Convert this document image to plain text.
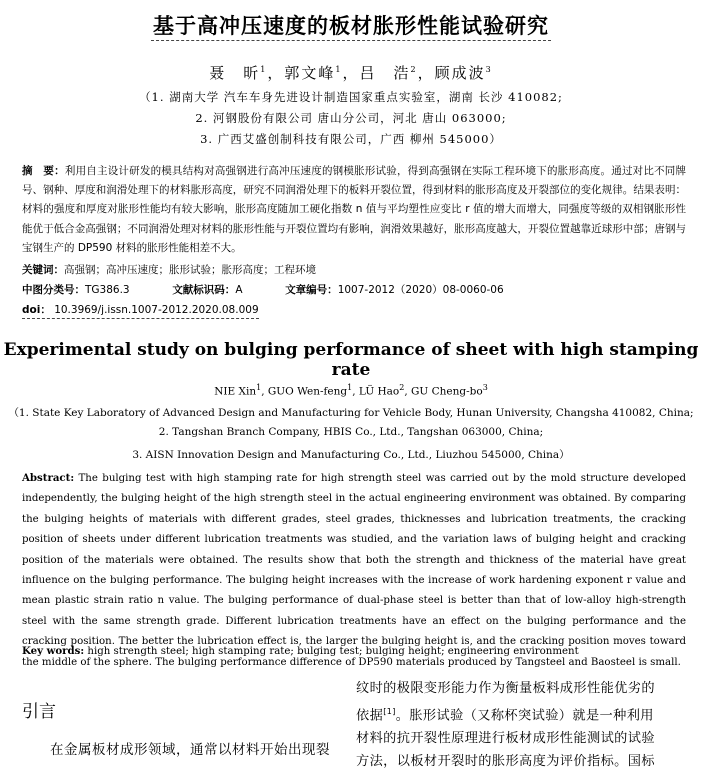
基于高冲压速度的板材胀形性能试验研究
聂　昕$^1$，郭文峰$^1$，吕　浩$^2$，顾成波$^3$
（1. 湖南大学 汽车车身先进设计制造国家重点实验室，湖南 长沙 410082;
2. 河钢股份有限公司 唐山分公司，河北 唐山 063000;
3. 广西艾盛创制科技有限公司，广西 柳州 545000）
摘　要：利用自主设计研发的模具结构对高强钢进行高冲压速度的钢模胀形试验，得到高强钢在实际工程环境下的胀形高度。通过对比不同牌号、钢种、厚度和润滑处理下的材料胀形高度，研究不同润滑处理下的板料开裂位置，得到材料的胀形高度及开裂部位的变化规律。结果表明：材料的强度和厚度对胀形性能均有较大影响，胀形高度随加工硬化指数 n 值与平均塑性应变比 r 值的增大而增大，同强度等级的双相钢胀形性能优于低合金高强钢；不同润滑处理对材料的胀形性能与开裂位置均有影响，润滑效果越好，胀形高度越大，开裂位置越靠近球形中部；唐钢与宝钢生产的 DP590 材料的胀形性能相差不大。
关键词：高强钢；高冲压速度；胀形试验；胀形高度；工程环境
中图分类号：TG386.3	文献标识码：A	文章编号：1007-2012（2020）08-0060-06
doi： 10.3969/j.issn.1007-2012.2020.08.009
Experimental study on bulging performance of sheet with high stamping rate
NIE Xin$^1$, GUO Wen-feng$^1$, LÜ Hao$^2$, GU Cheng-$bo^3$
（1. State Key Laboratory of Advanced Design and Manufacturing for Vehicle Body, Hunan University, Changsha 410082, China;
2. Tangshan Branch Company, HBIS Co., Ltd., Tangshan 063000, China;
3. AISN Innovation Design and Manufacturing Co., Ltd., Liuzhou 545000, China）
Abstract: The bulging test with high stamping rate for high strength steel was carried out by the mold structure developed independently, the bulging height of the high strength steel in the actual engineering environment was obtained. By comparing the bulging heights of materials with different grades, steel grades, thicknesses and lubrication treatments, the cracking position of sheets under different lubrication treatments was studied, and the variation laws of bulging height and cracking position of the materials were obtained. The results show that both the strength and thickness of the material have great influence on the bulging performance. The bulging height increases with the increase of work hardening exponent r value and mean plastic strain ratio n value. The bulging performance of dual-phase steel is better than that of low-alloy high-strength steel with the same strength grade. Different lubrication treatments have an effect on the bulging performance and the cracking position. The better the lubrication effect is, the larger the bulging height is, and the cracking position moves toward the middle of the sphere. The bulging performance difference of DP590 materials produced by Tangsteel and Baosteel is small.
Key words: high strength steel; high stamping rate; bulging test; bulging height; engineering environment
引言
在金属板材成形领域，通常以材料开始出现裂
纹时的极限变形能力作为衡量板料成形性能优劣的
依据[1]。胀形试验（又称杯突试验）就是一种利用
材料的抗开裂性原理进行板材成形性能测试的试验
方法，以板材开裂时的胀形高度为评价指标。国标
